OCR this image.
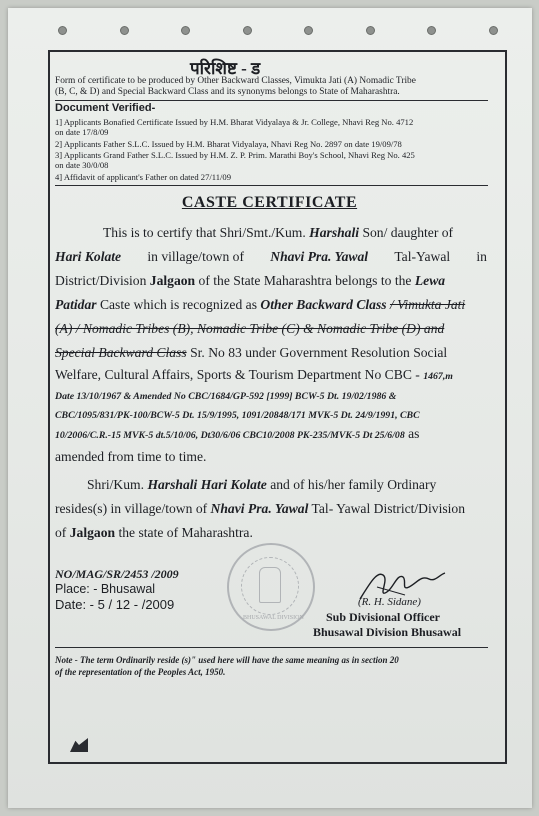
परिशिष्ट - ड
Form of certificate to be produced by Other Backward Classes, Vimukta Jati (A) Nomadic Tribe
(B, C, & D) and Special Backward Class and its synonyms belongs to State of Maharashtra.
Document Verified-
1] Applicants Bonafied Certificate Issued by H.M. Bharat Vidyalaya & Jr. College, Nhavi Reg No. 4712
on date 17/8/09
2] Applicants Father S.L.C. Issued by H.M. Bharat Vidyalaya, Nhavi Reg No. 2897 on date 19/09/78
3] Applicants Grand Father S.L.C. Issued by H.M. Z. P. Prim. Marathi Boy's School, Nhavi Reg No. 425
on date 30/0/08
4] Affidavit of applicant's Father on dated 27/11/09
CASTE CERTIFICATE
This is to certify that Shri/Smt./Kum. Harshali Son/ daughter of
Hari Kolate in village/town of Nhavi Pra. Yawal Tal-Yawal in
District/Division Jalgaon of the State Maharashtra belongs to the Lewa
Patidar Caste which is recognized as Other Backward Class / Vimukta Jati
(A) / Nomadic Tribes (B), Nomadic Tribe (C) & Nomadic Tribe (D) and
Special Backward Class Sr. No 83 under Government Resolution Social
Welfare, Cultural Affairs, Sports & Tourism Department No CBC - 1467,m
Date 13/10/1967 & Amended No CBC/1684/GP-592 [1999] BCW-5 Dt. 19/02/1986 &
CBC/1095/831/PK-100/BCW-5 Dt. 15/9/1995, 1091/20848/171 MVK-5 Dt. 24/9/1991, CBC
10/2006/C.R.-15 MVK-5 dt.5/10/06, Dt30/6/06 CBC10/2008 PK-235/MVK-5 Dt 25/6/08 as
amended from time to time.
Shri/Kum. Harshali Hari Kolate and of his/her family Ordinary
resides(s) in village/town of Nhavi Pra. Yawal Tal- Yawal District/Division
of Jalgaon the state of Maharashtra.
NO/MAG/SR/2453 /2009
Place: - Bhusawal
Date: - 5 / 12 - /2009
BHUSAWAL DIVISION
(R. H. Sidane)
Sub Divisional Officer
Bhusawal Division Bhusawal
Note - The term Ordinarily reside (s)" used here will have the same meaning as in section 20
of the representation of the Peoples Act, 1950.
